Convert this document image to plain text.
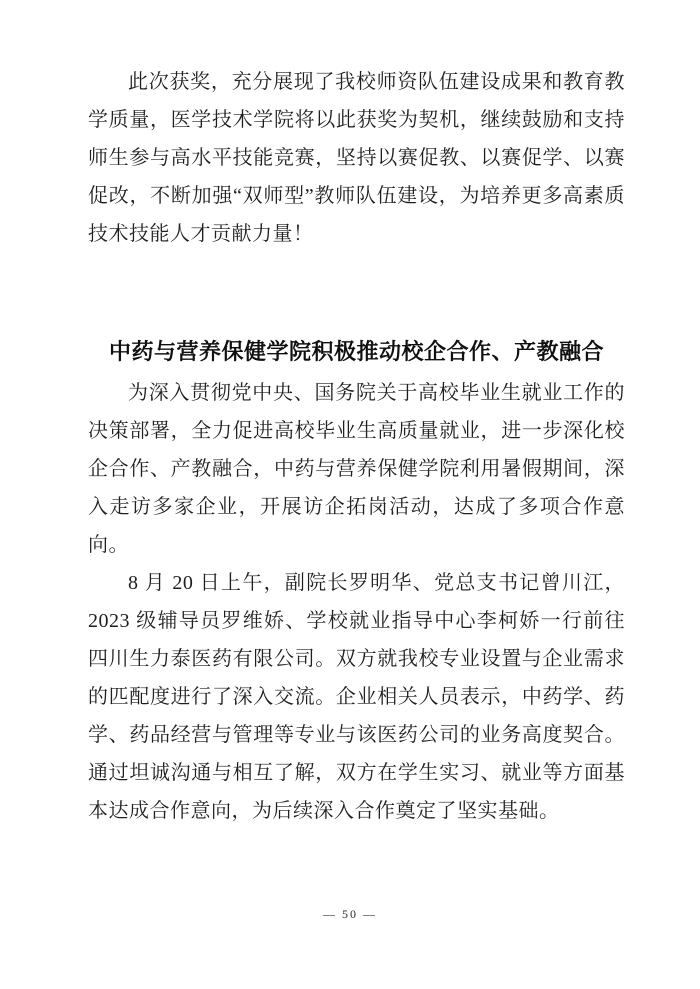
此次获奖，充分展现了我校师资队伍建设成果和教育教学质量，医学技术学院将以此获奖为契机，继续鼓励和支持师生参与高水平技能竞赛，坚持以赛促教、以赛促学、以赛促改，不断加强“双师型”教师队伍建设，为培养更多高素质技术技能人才贡献力量！

中药与营养保健学院积极推动校企合作、产教融合

为深入贯彻党中央、国务院关于高校毕业生就业工作的决策部署，全力促进高校毕业生高质量就业，进一步深化校企合作、产教融合，中药与营养保健学院利用暑假期间，深入走访多家企业，开展访企拓岗活动，达成了多项合作意向。

8 月 20 日上午，副院长罗明华、党总支书记曾川江，2023 级辅导员罗维娇、学校就业指导中心李柯娇一行前往四川生力泰医药有限公司。双方就我校专业设置与企业需求的匹配度进行了深入交流。企业相关人员表示，中药学、药学、药品经营与管理等专业与该医药公司的业务高度契合。通过坦诚沟通与相互了解，双方在学生实习、就业等方面基本达成合作意向，为后续深入合作奠定了坚实基础。

— 50 —
